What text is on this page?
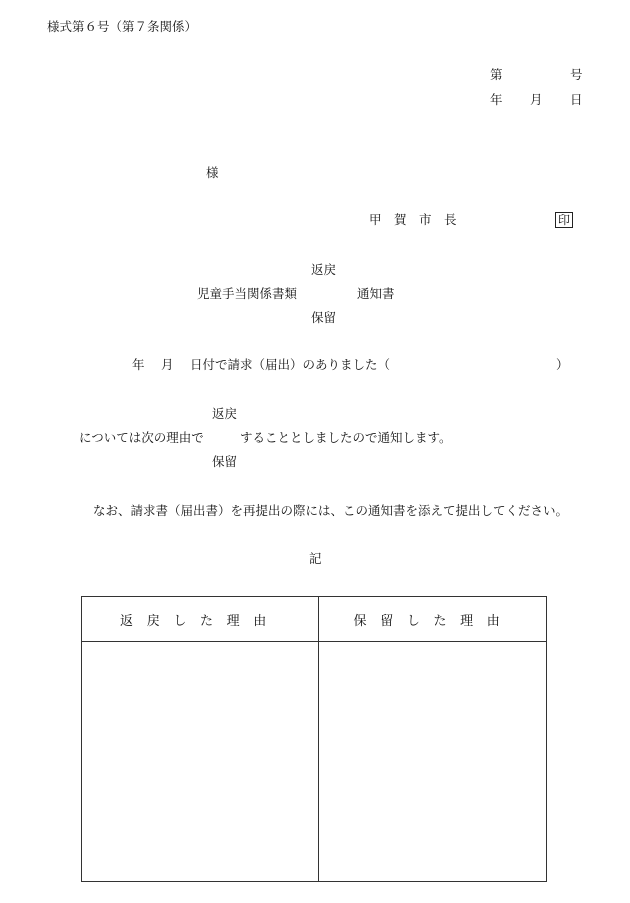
様式第６号（第７条関係）
第	号
年 月 日
様
甲　賀　市　長	印
返戻
児童手当関係書類	通知書
保留
年　 月　 日付で請求（届出）のありました（	）
返戻
については次の理由で	することとしましたので通知します。
保留
なお、請求書（届出書）を再提出の際には、この通知書を添えて提出してください。
記
返戻した理由	保留した理由
